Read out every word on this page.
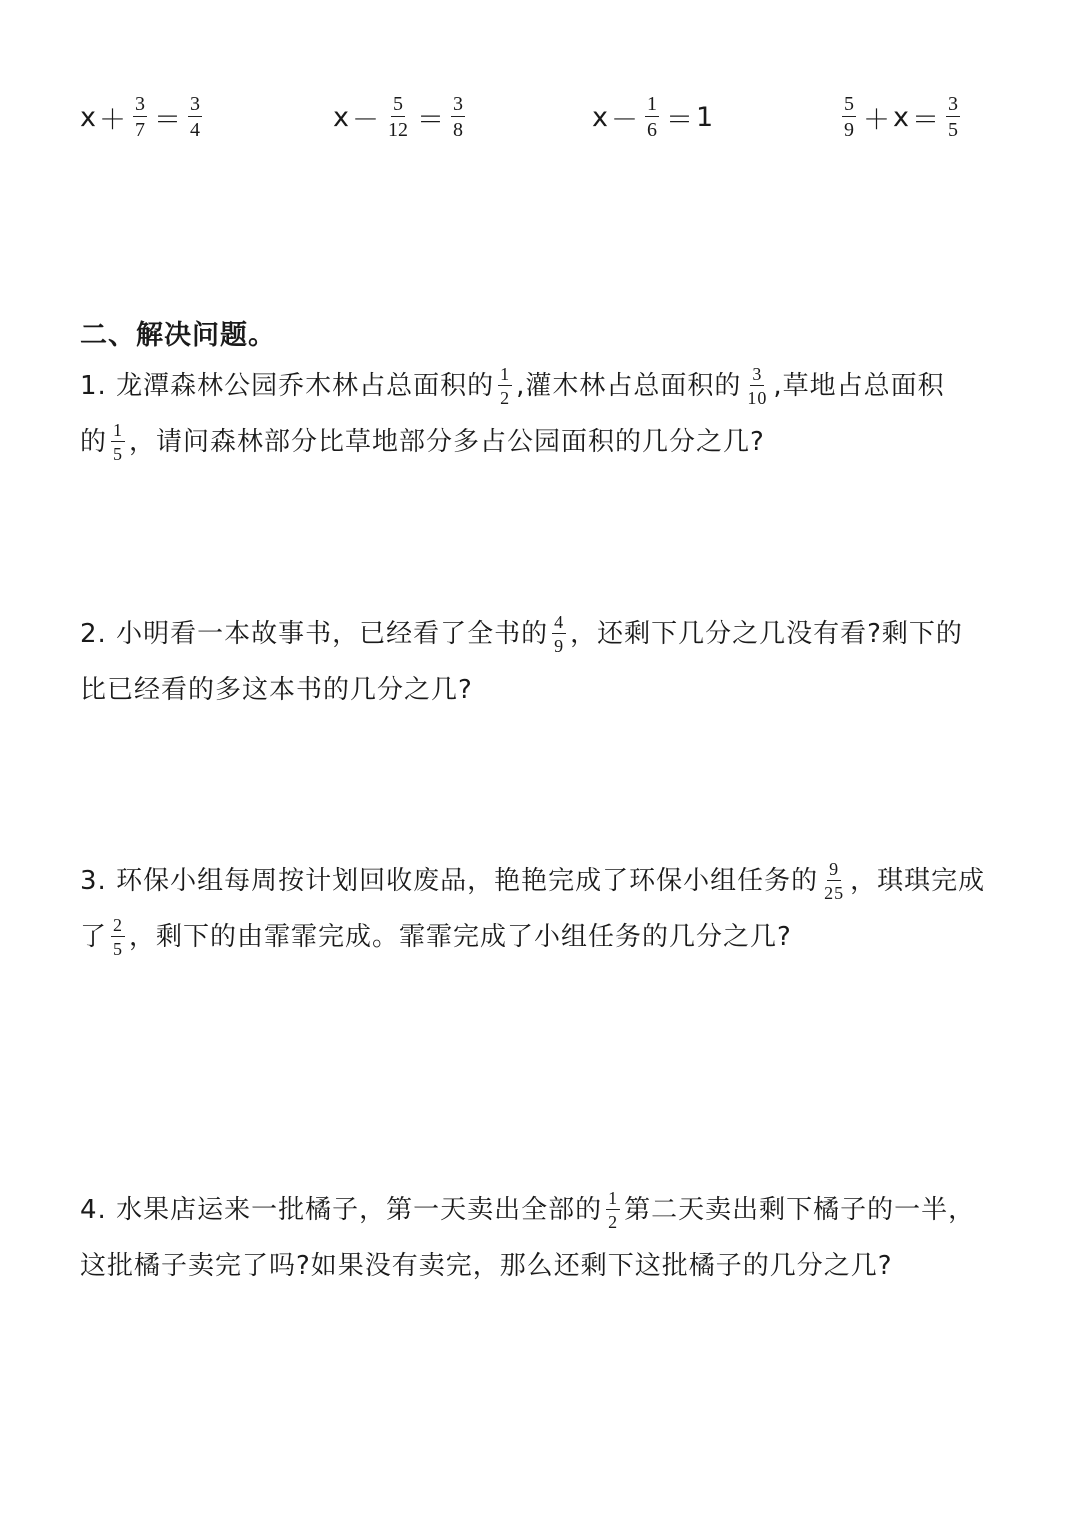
$x + \frac{3}{7} = \frac{3}{4}$	$x - \frac{5}{12} = \frac{3}{8}$	$x - \frac{1}{6} = 1$	$\frac{5}{9} + x = \frac{3}{5}$
二、解决问题。
1. 龙潭森林公园乔木林占总面积的 $\frac{1}{2}$ ,灌木林占总面积的 $\frac{3}{10}$ ,草地占总面积
的 $\frac{1}{5}$ ，请问森林部分比草地部分多占公园面积的几分之几?
2. 小明看一本故事书，已经看了全书的 $\frac{4}{9}$ ，还剩下几分之几没有看?剩下的
比已经看的多这本书的几分之几?
3. 环保小组每周按计划回收废品，艳艳完成了环保小组任务的 $\frac{9}{25}$ ，琪琪完成
了 $\frac{2}{5}$ ，剩下的由霏霏完成。霏霏完成了小组任务的几分之几?
4. 水果店运来一批橘子，第一天卖出全部的 $\frac{1}{2}$ 第二天卖出剩下橘子的一半，
这批橘子卖完了吗?如果没有卖完，那么还剩下这批橘子的几分之几?
